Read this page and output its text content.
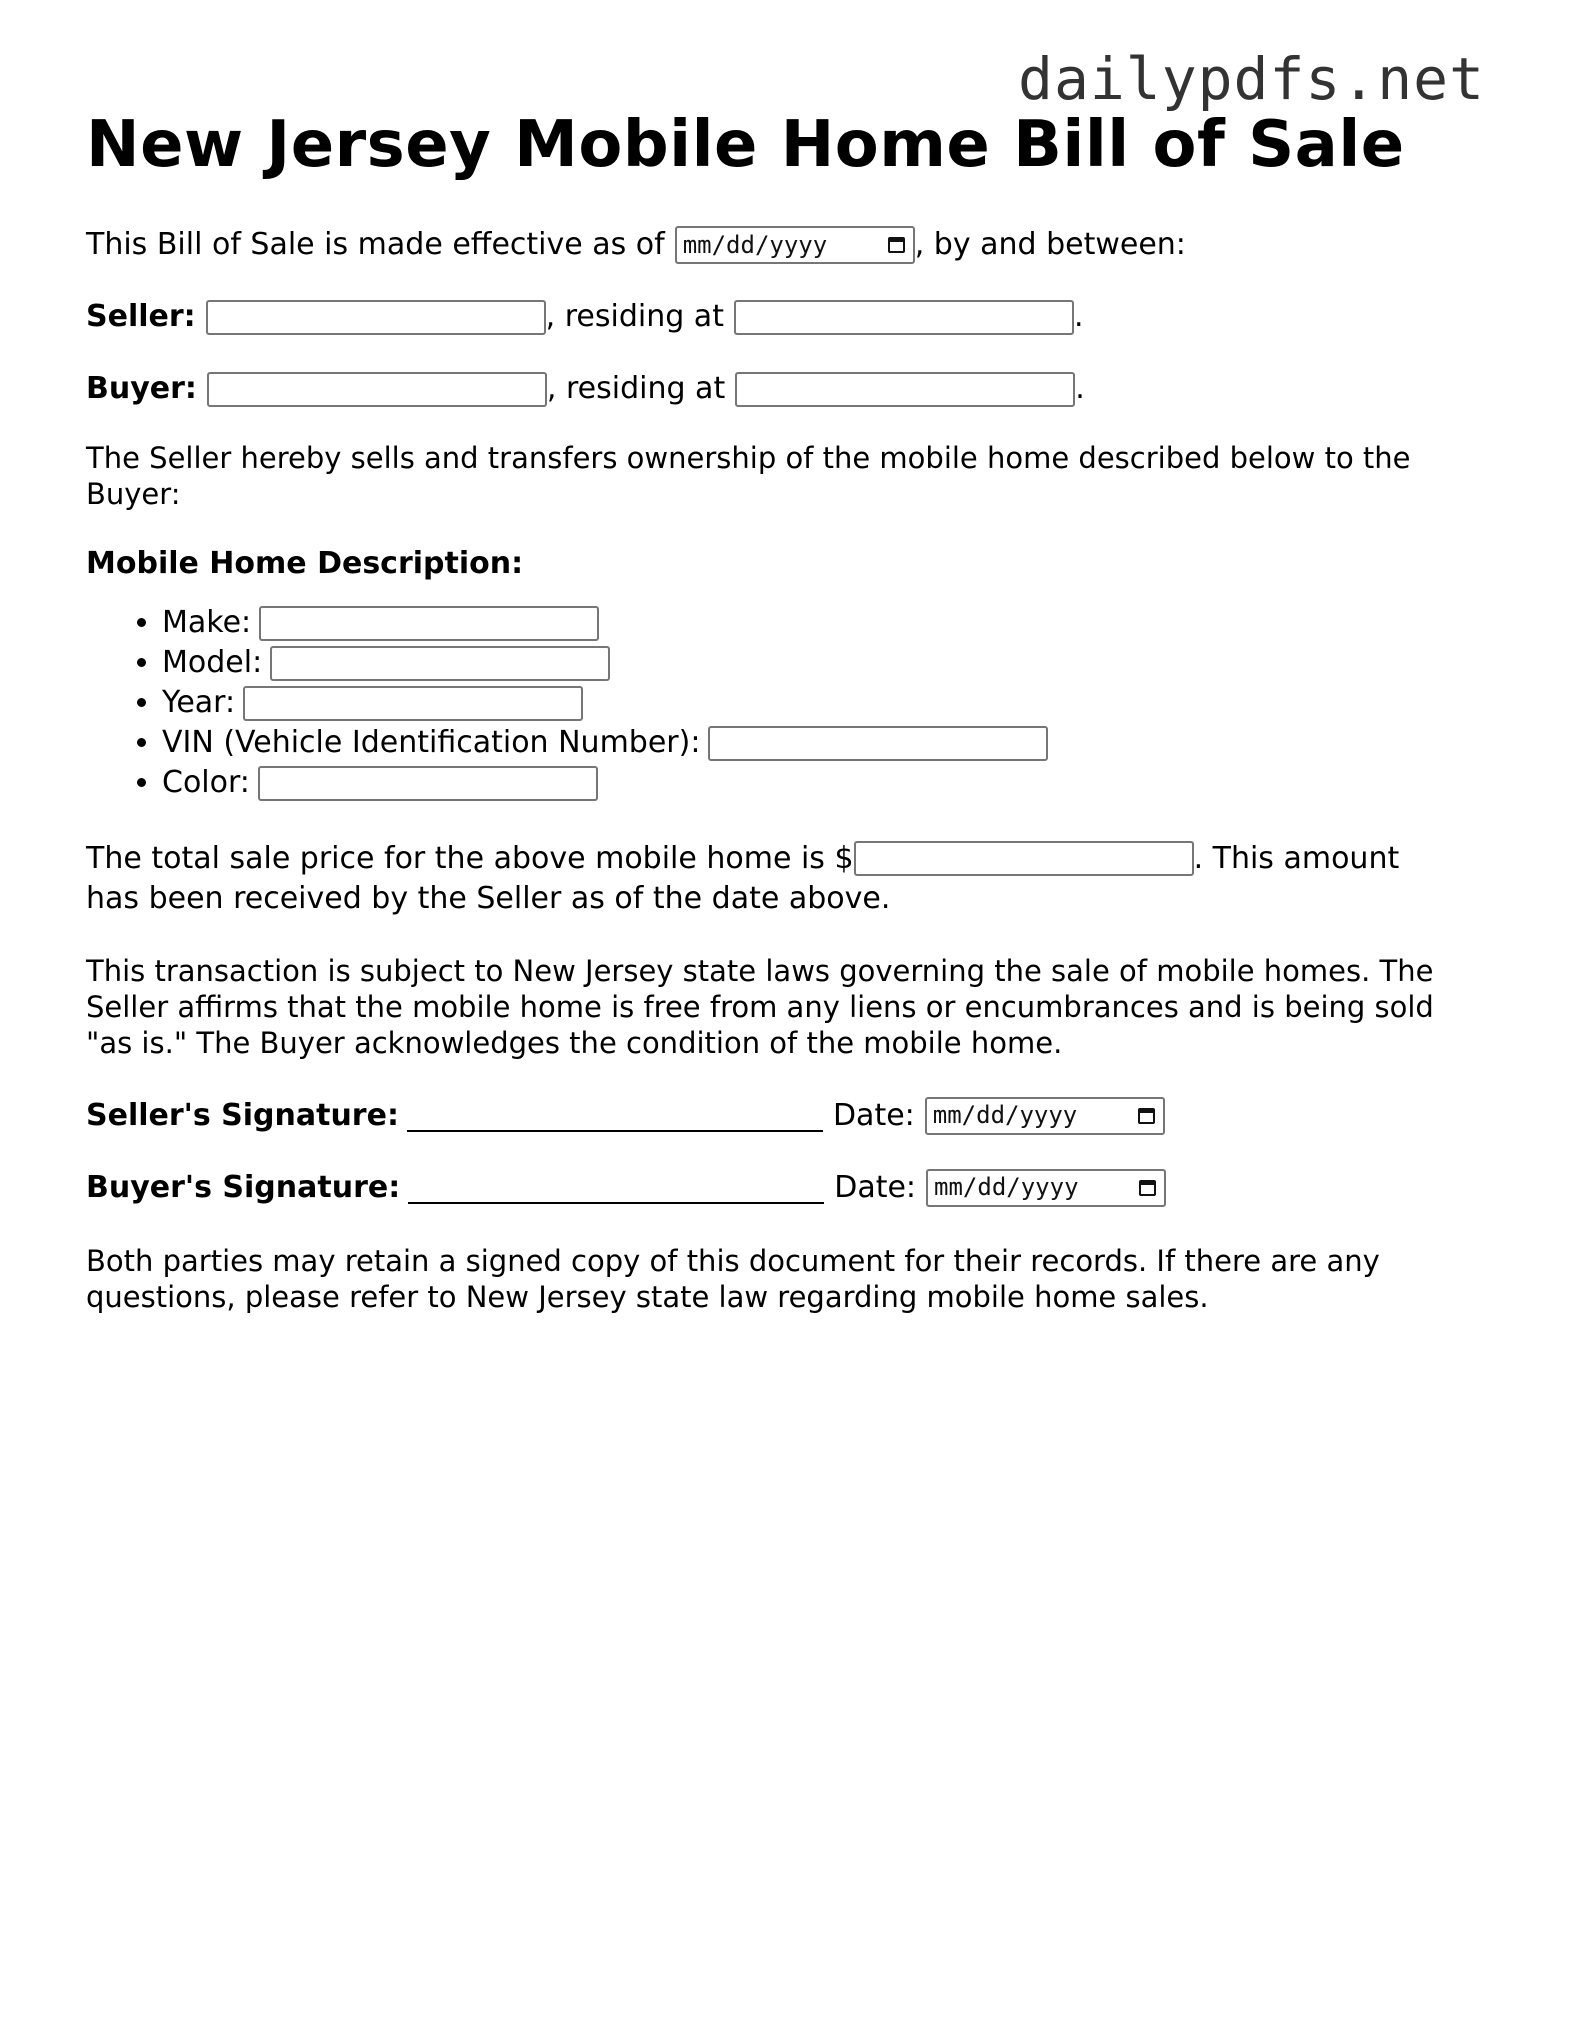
dailypdfs.net
New Jersey Mobile Home Bill of Sale
This Bill of Sale is made effective as of mm/dd/yyyy	, by and between:
Seller:	, residing at	.
Buyer:	, residing at	.

The Seller hereby sells and transfers ownership of the mobile home described below to the Buyer:

Mobile Home Description:

• Make:
• Model:
• Year:
• VIN (Vehicle Identification Number):
• Color:
The total sale price for the above mobile home is $	. This amount
has been received by the Seller as of the date above.

This transaction is subject to New Jersey state laws governing the sale of mobile homes. The Seller affirms that the mobile home is free from any liens or encumbrances and is being sold "as is." The Buyer acknowledges the condition of the mobile home.

Seller's Signature:	Date: mm/dd/yyyy
Buyer's Signature:	Date: mm/dd/yyyy

Both parties may retain a signed copy of this document for their records. If there are any questions, please refer to New Jersey state law regarding mobile home sales.
